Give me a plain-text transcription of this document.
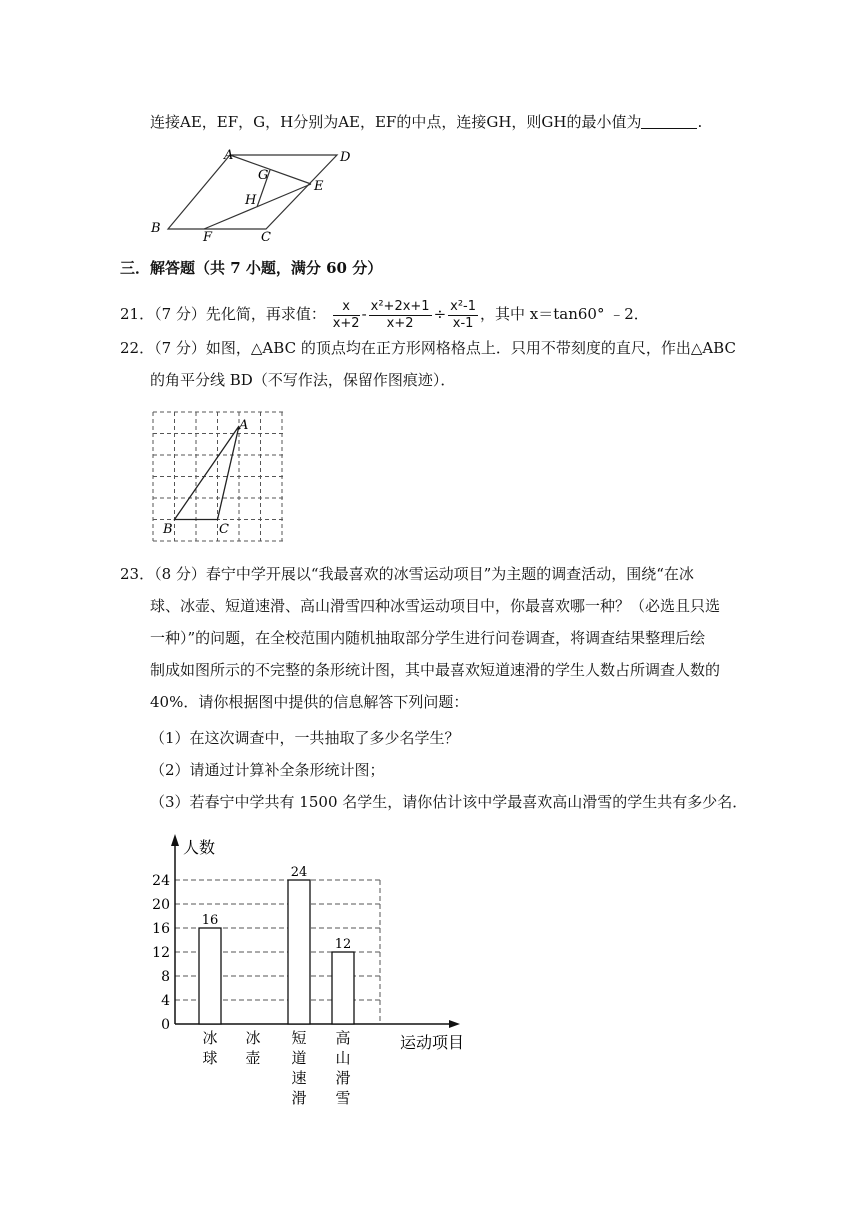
连接AE，EF，G，H分别为AE，EF的中点，连接GH，则GH的最小值为	.
A	D
G
E
H
B
F	C
三．解答题（共 7 小题，满分 60 分）
21．（7 分）先化简，再求值： $\frac{x}{x+2} - \frac{\text{x²+2x+1}}{x+2} \div \frac{\text{x²-1}}{x-1}$ ，其中 x＝tan60° ﹣2．
22．（7 分）如图，△ABC 的顶点均在正方形网格格点上．只用不带刻度的直尺，作出△ABC
的角平分线 BD（不写作法，保留作图痕迹）．
A
B	C
23．（8 分）春宁中学开展以“我最喜欢的冰雪运动项目”为主题的调查活动，围绕“在冰
球、冰壶、短道速滑、高山滑雪四种冰雪运动项目中，你最喜欢哪一种？（必选且只选
一种）”的问题，在全校范围内随机抽取部分学生进行问卷调查，将调查结果整理后绘
制成如图所示的不完整的条形统计图，其中最喜欢短道速滑的学生人数占所调查人数的
40%．请你根据图中提供的信息解答下列问题：
（1）在这次调查中，一共抽取了多少名学生？
（2）请通过计算补全条形统计图；
（3）若春宁中学共有 1500 名学生，请你估计该中学最喜欢高山滑雪的学生共有多少名．
0
4
8
12
16
20
24
人数
运动项目
16
冰
球
冰
壶
24
短
道
速
滑
12
高
山
滑
雪
